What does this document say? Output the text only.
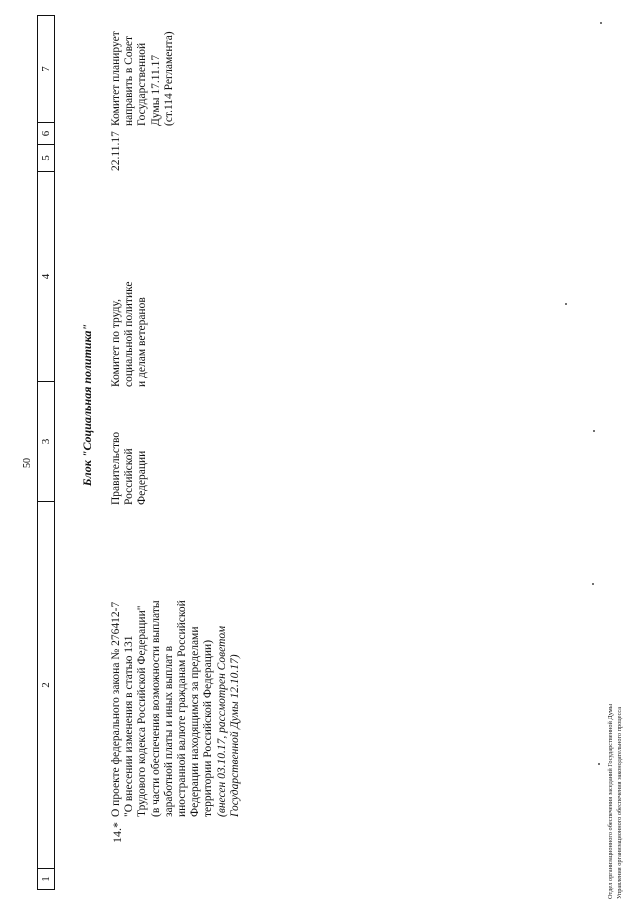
50
1
2
3
4
5
6
7
Блок "Социальная политика"
14.*
О проекте федерального закона № 276412-7 "О внесении изменения в статью 131 Трудового кодекса Российской Федерации" (в части обеспечения возможности выплаты заработной платы и иных выплат в иностранной валюте гражданам Российской Федерации находящимся за пределами территории Российской Федерации) (внесен 03.10.17, рассмотрен Советом Государственной Думы 12.10.17)
Правительство Российской Федерации
Комитет по труду, социальной политике и делам ветеранов
22.11.17
Комитет планирует направить в Совет Государственной Думы 17.11.17 (ст.114 Регламента)
Отдел организационного обеспечения заседаний Государственной Думы Управления организационного обеспечения законодательного процесса
